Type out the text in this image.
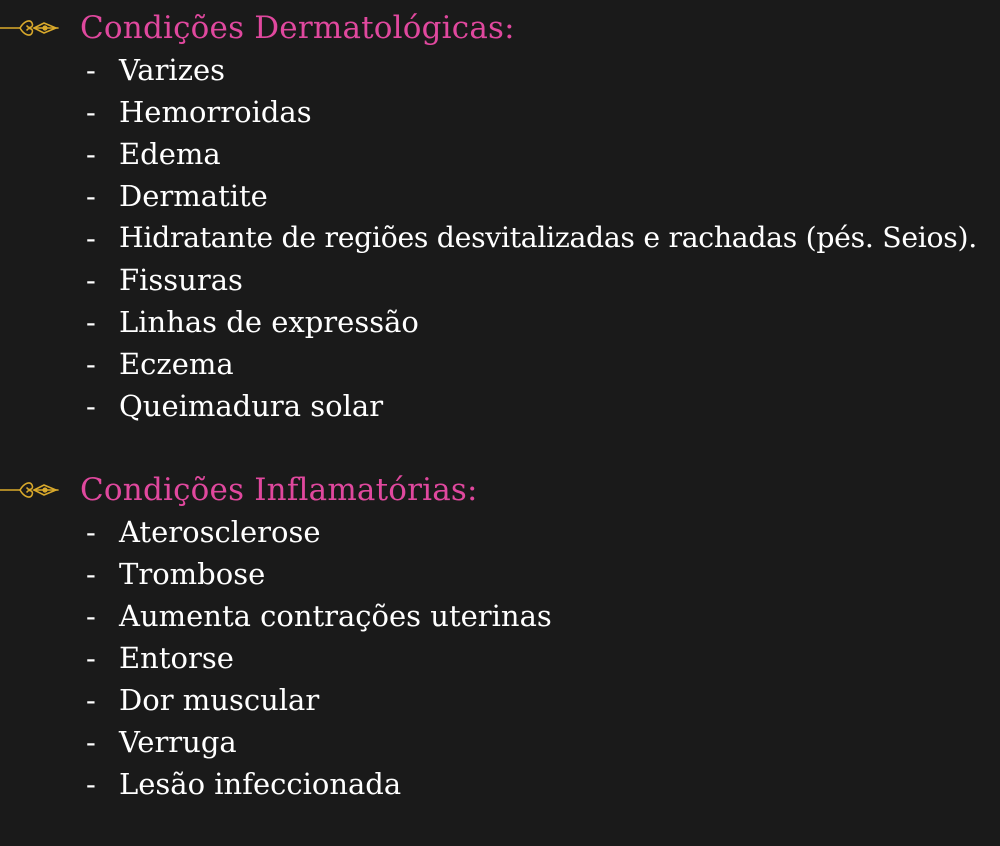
Condições Dermatológicas:
- Varizes
- Hemorroidas
- Edema
- Dermatite
- Hidratante de regiões desvitalizadas e rachadas (pés. Seios).
- Fissuras
- Linhas de expressão
- Eczema
- Queimadura solar
Condições Inflamatórias:
- Aterosclerose
- Trombose
- Aumenta contrações uterinas
- Entorse
- Dor muscular
- Verruga
- Lesão infeccionada
